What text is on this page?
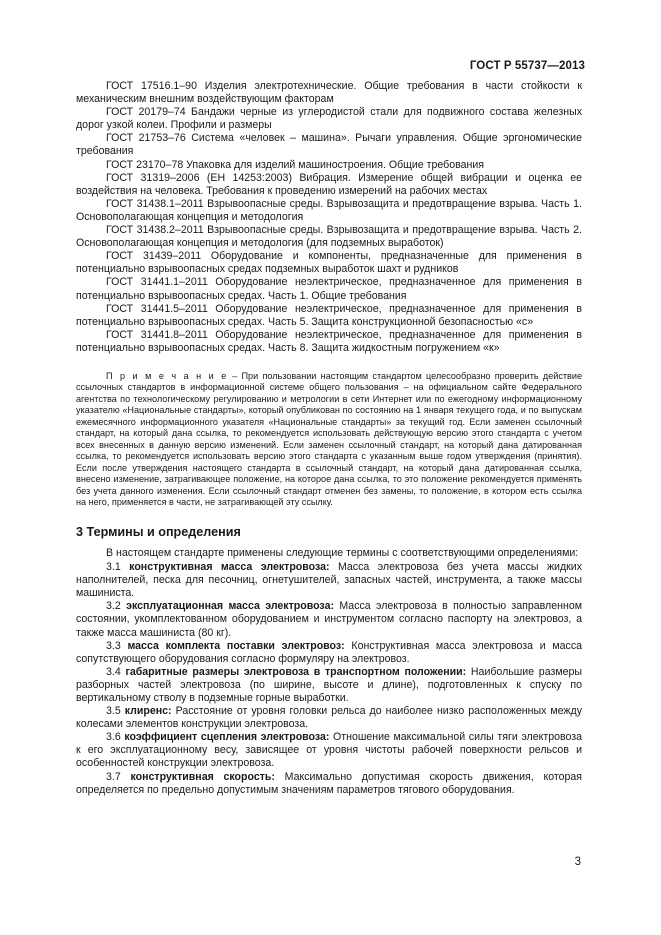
ГОСТ Р 55737—2013

ГОСТ 17516.1–90 Изделия электротехнические. Общие требования в части стойкости к механическим внешним воздействующим факторам

ГОСТ 20179–74 Бандажи черные из углеродистой стали для подвижного состава железных дорог узкой колеи. Профили и размеры

ГОСТ 21753–76 Система «человек – машина». Рычаги управления. Общие эргономические требования

ГОСТ 23170–78 Упаковка для изделий машиностроения. Общие требования

ГОСТ 31319–2006 (ЕН 14253:2003) Вибрация. Измерение общей вибрации и оценка ее воздействия на человека. Требования к проведению измерений на рабочих местах

ГОСТ 31438.1–2011 Взрывоопасные среды. Взрывозащита и предотвращение взрыва. Часть 1. Основополагающая концепция и методология

ГОСТ 31438.2–2011 Взрывоопасные среды. Взрывозащита и предотвращение взрыва. Часть 2. Основополагающая концепция и методология (для подземных выработок)

ГОСТ 31439–2011 Оборудование и компоненты, предназначенные для применения в потенциально взрывоопасных средах подземных выработок шахт и рудников

ГОСТ 31441.1–2011 Оборудование неэлектрическое, предназначенное для применения в потенциально взрывоопасных средах. Часть 1. Общие требования

ГОСТ 31441.5–2011 Оборудование неэлектрическое, предназначенное для применения в потенциально взрывоопасных средах. Часть 5. Защита конструкционной безопасностью «с»

ГОСТ 31441.8–2011 Оборудование неэлектрическое, предназначенное для применения в потенциально взрывоопасных средах. Часть 8. Защита жидкостным погружением «к»

П р и м е ч а н и е – При пользовании настоящим стандартом целесообразно проверить действие ссылочных стандартов в информационной системе общего пользования – на официальном сайте Федерального агентства по технологическому регулированию и метрологии в сети Интернет или по ежегодному информационному указателю «Национальные стандарты», который опубликован по состоянию на 1 января текущего года, и по выпускам ежемесячного информационного указателя «Национальные стандарты» за текущий год. Если заменен ссылочный стандарт, на который дана ссылка, то рекомендуется использовать действующую версию этого стандарта с учетом всех внесенных в данную версию изменений. Если заменен ссылочный стандарт, на который дана датированная ссылка, то рекомендуется использовать версию этого стандарта с указанным выше годом утверждения (принятия). Если после утверждения настоящего стандарта в ссылочный стандарт, на который дана датированная ссылка, внесено изменение, затрагивающее положение, на которое дана ссылка, то это положение рекомендуется применять без учета данного изменения. Если ссылочный стандарт отменен без замены, то положение, в котором есть ссылка на него, применяется в части, не затрагивающей эту ссылку.

3 Термины и определения

В настоящем стандарте применены следующие термины с соответствующими определениями:

3.1 конструктивная масса электровоза: Масса электровоза без учета массы жидких наполнителей, песка для песочниц, огнетушителей, запасных частей, инструмента, а также массы машиниста.

3.2 эксплуатационная масса электровоза: Масса электровоза в полностью заправленном состоянии, укомплектованном оборудованием и инструментом согласно паспорту на электровоз, а также масса машиниста (80 кг).

3.3 масса комплекта поставки электровоз: Конструктивная масса электровоза и масса сопутствующего оборудования согласно формуляру на электровоз.

3.4 габаритные размеры электровоза в транспортном положении: Наибольшие размеры разборных частей электровоза (по ширине, высоте и длине), подготовленных к спуску по вертикальному стволу в подземные горные выработки.

3.5 клиренс: Расстояние от уровня головки рельса до наиболее низко расположенных между колесами элементов конструкции электровоза.

3.6 коэффициент сцепления электровоза: Отношение максимальной силы тяги электровоза к его эксплуатационному весу, зависящее от уровня чистоты рабочей поверхности рельсов и особенностей конструкции электровоза.

3.7 конструктивная скорость: Максимально допустимая скорость движения, которая определяется по предельно допустимым значениям параметров тягового оборудования.

3
